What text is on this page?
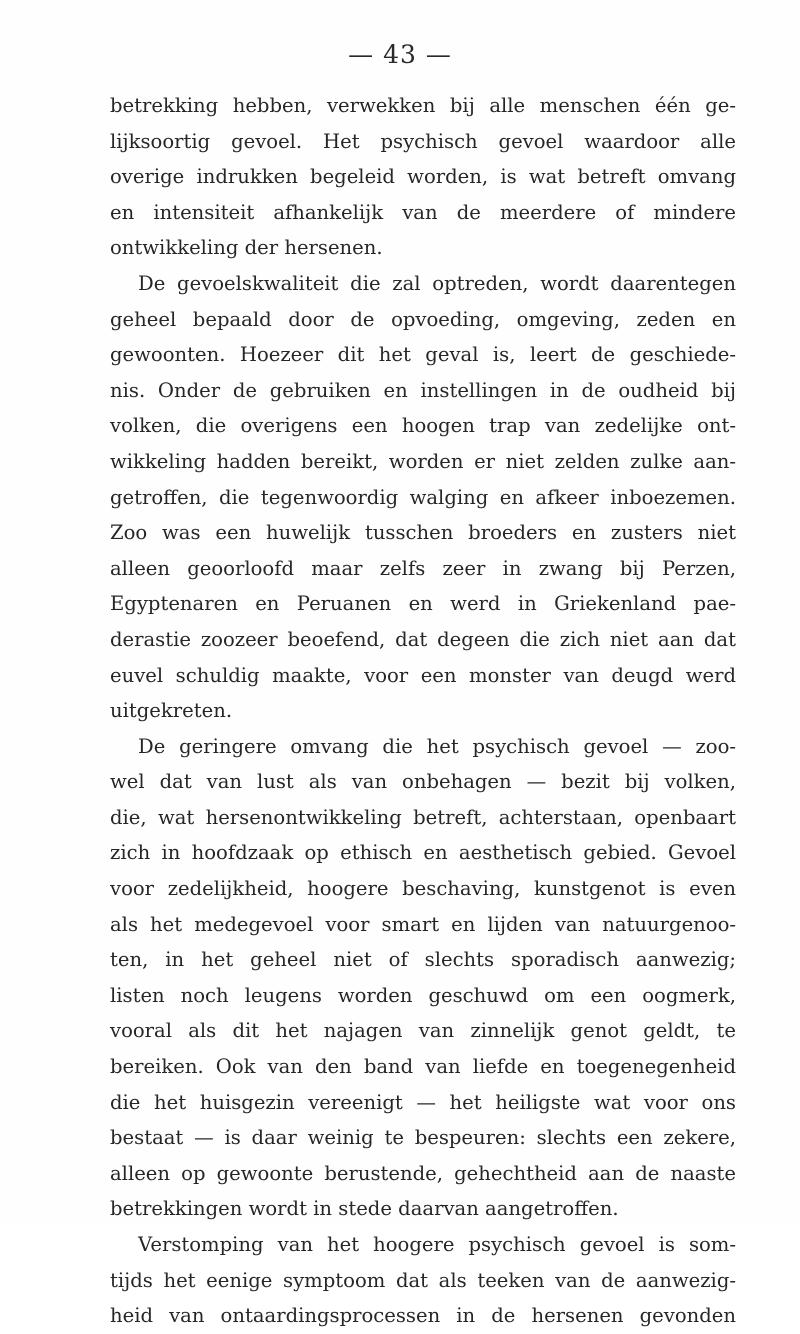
— 43 —
betrekking hebben, verwekken bij alle menschen één ge-
lijksoortig gevoel. Het psychisch gevoel waardoor alle
overige indrukken begeleid worden, is wat betreft omvang
en intensiteit afhankelijk van de meerdere of mindere
ontwikkeling der hersenen.
De gevoelskwaliteit die zal optreden, wordt daarentegen
geheel bepaald door de opvoeding, omgeving, zeden en
gewoonten. Hoezeer dit het geval is, leert de geschiede-
nis. Onder de gebruiken en instellingen in de oudheid bij
volken, die overigens een hoogen trap van zedelijke ont-
wikkeling hadden bereikt, worden er niet zelden zulke aan-
getroffen, die tegenwoordig walging en afkeer inboezemen.
Zoo was een huwelijk tusschen broeders en zusters niet
alleen geoorloofd maar zelfs zeer in zwang bij Perzen,
Egyptenaren en Peruanen en werd in Griekenland pae-
derastie zoozeer beoefend, dat degeen die zich niet aan dat
euvel schuldig maakte, voor een monster van deugd werd
uitgekreten.
De geringere omvang die het psychisch gevoel — zoo-
wel dat van lust als van onbehagen — bezit bij volken,
die, wat hersenontwikkeling betreft, achterstaan, openbaart
zich in hoofdzaak op ethisch en aesthetisch gebied. Gevoel
voor zedelijkheid, hoogere beschaving, kunstgenot is even
als het medegevoel voor smart en lijden van natuurgenoo-
ten, in het geheel niet of slechts sporadisch aanwezig;
listen noch leugens worden geschuwd om een oogmerk,
vooral als dit het najagen van zinnelijk genot geldt, te
bereiken. Ook van den band van liefde en toegenegenheid
die het huisgezin vereenigt — het heiligste wat voor ons
bestaat — is daar weinig te bespeuren: slechts een zekere,
alleen op gewoonte berustende, gehechtheid aan de naaste
betrekkingen wordt in stede daarvan aangetroffen.
Verstomping van het hoogere psychisch gevoel is som-
tijds het eenige symptoom dat als teeken van de aanwezig-
heid van ontaardingsprocessen in de hersenen gevonden
